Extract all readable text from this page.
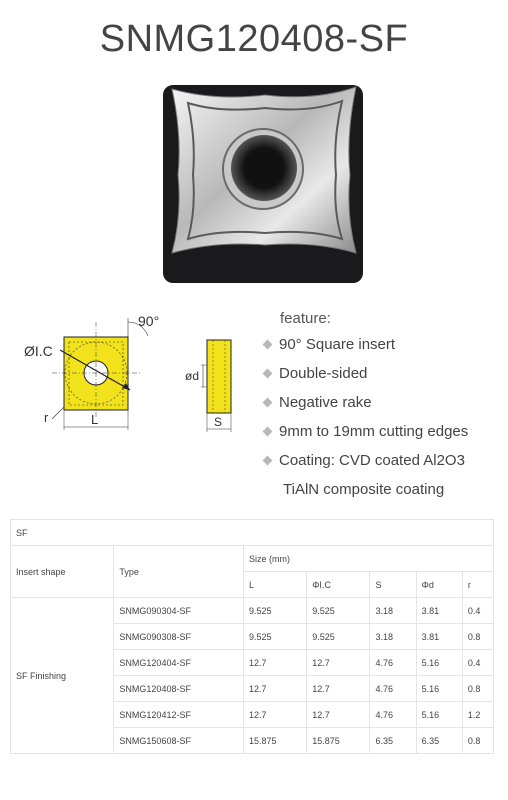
SNMG120408-SF
90°
ØI.C
r	L
ød
S
feature:
90° Square insert
Double-sided
Negative rake
9mm to 19mm cutting edges
Coating: CVD coated Al2O3
TiAlN composite coating
SF						
Insert shape	Type	Size (mm)				
		L	ΦI.C	S	Φd	r
SF Finishing	SNMG090304-SF	9.525	9.525	3.18	3.81	0.4
	SNMG090308-SF	9.525	9.525	3.18	3.81	0.8
	SNMG120404-SF	12.7	12.7	4.76	5.16	0.4
	SNMG120408-SF	12.7	12.7	4.76	5.16	0.8
	SNMG120412-SF	12.7	12.7	4.76	5.16	1.2
	SNMG150608-SF	15.875	15.875	6.35	6.35	0.8
